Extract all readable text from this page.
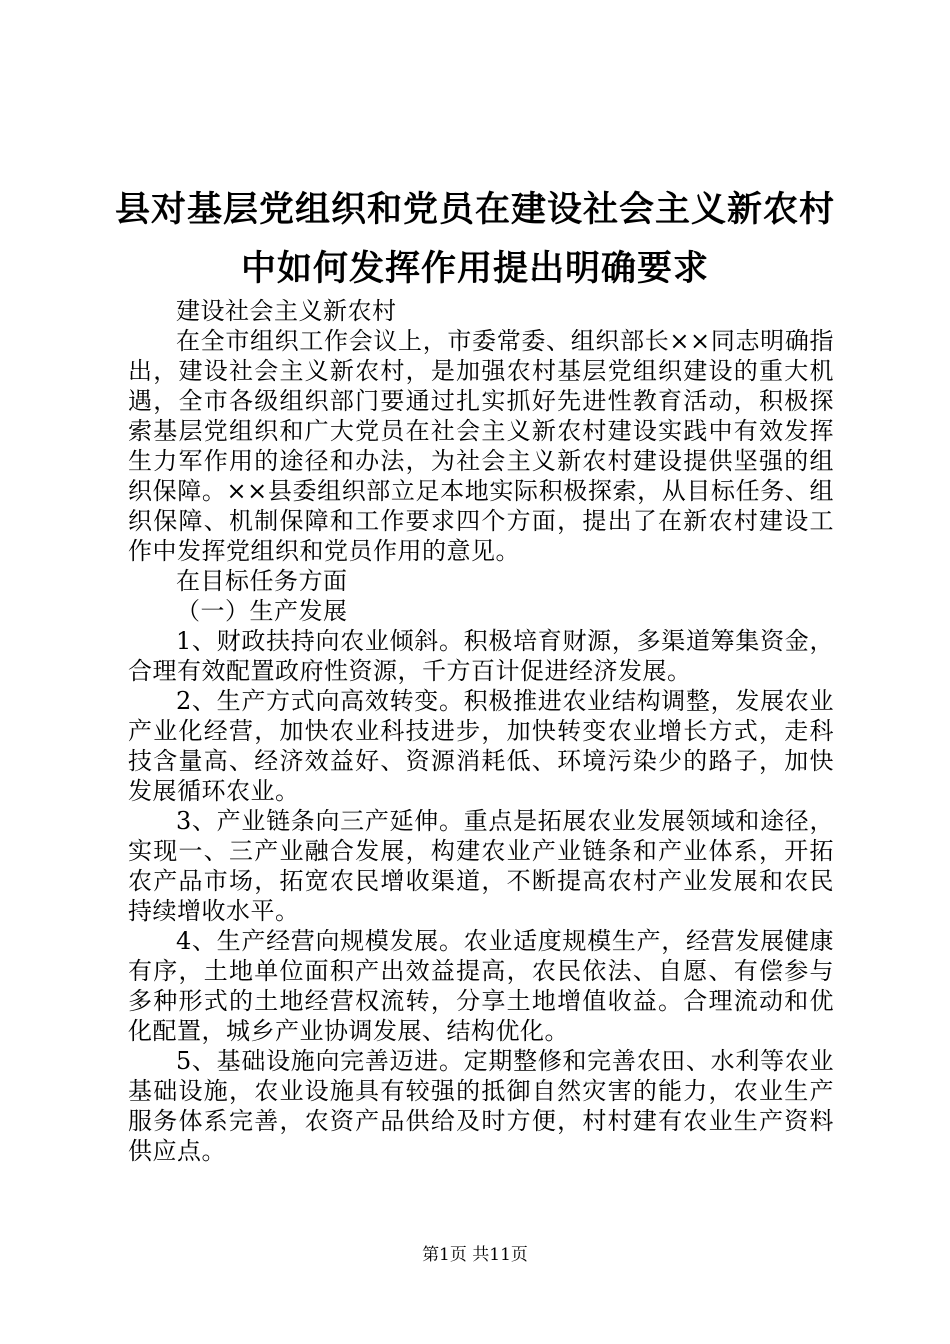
县对基层党组织和党员在建设社会主义新农村
中如何发挥作用提出明确要求

建设社会主义新农村

在全市组织工作会议上，市委常委、组织部长××同志明确指出，建设社会主义新农村，是加强农村基层党组织建设的重大机遇，全市各级组织部门要通过扎实抓好先进性教育活动，积极探索基层党组织和广大党员在社会主义新农村建设实践中有效发挥生力军作用的途径和办法，为社会主义新农村建设提供坚强的组织保障。××县委组织部立足本地实际积极探索，从目标任务、组织保障、机制保障和工作要求四个方面，提出了在新农村建设工作中发挥党组织和党员作用的意见。

在目标任务方面

（一）生产发展

1、财政扶持向农业倾斜。积极培育财源，多渠道筹集资金，合理有效配置政府性资源，千方百计促进经济发展。

2、生产方式向高效转变。积极推进农业结构调整，发展农业产业化经营，加快农业科技进步，加快转变农业增长方式，走科技含量高、经济效益好、资源消耗低、环境污染少的路子，加快发展循环农业。

3、产业链条向三产延伸。重点是拓展农业发展领域和途径，实现一、三产业融合发展，构建农业产业链条和产业体系，开拓农产品市场，拓宽农民增收渠道，不断提高农村产业发展和农民持续增收水平。

4、生产经营向规模发展。农业适度规模生产，经营发展健康有序，土地单位面积产出效益提高，农民依法、自愿、有偿参与多种形式的土地经营权流转，分享土地增值收益。合理流动和优化配置，城乡产业协调发展、结构优化。

5、基础设施向完善迈进。定期整修和完善农田、水利等农业基础设施，农业设施具有较强的抵御自然灾害的能力，农业生产服务体系完善，农资产品供给及时方便，村村建有农业生产资料供应点。

第1页 共11页
